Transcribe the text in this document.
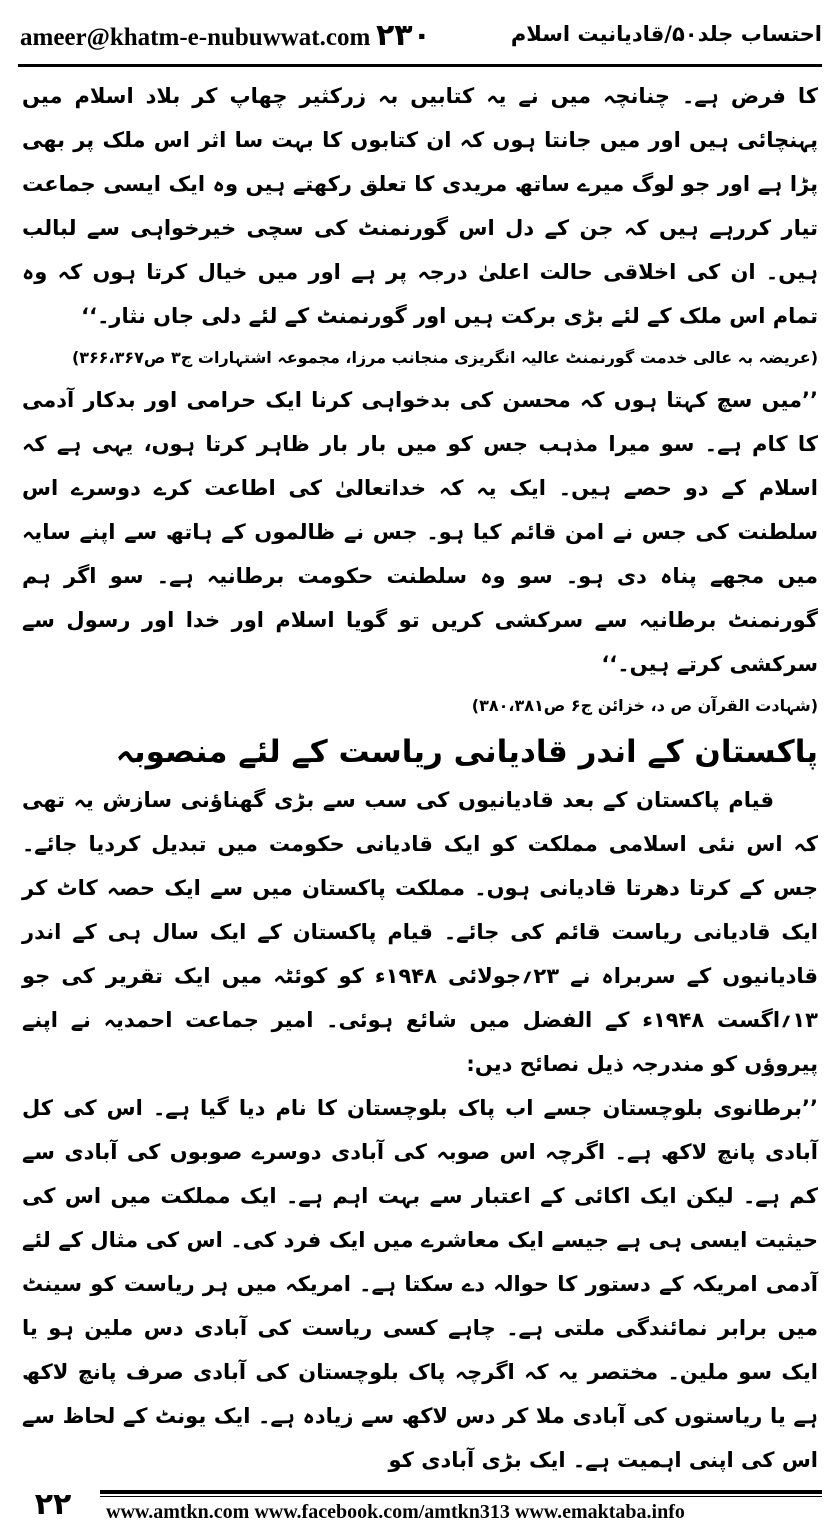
ameer@khatm-e-nubuwwat.com ۲۳۰	احتساب جلد۵۰/قادیانیت اسلام

کا فرض ہے۔ چنانچہ میں نے یہ کتابیں بہ زرکثیر چھاپ کر بلاد اسلام میں پہنچائی ہیں اور میں جانتا ہوں کہ ان کتابوں کا بہت سا اثر اس ملک پر بھی پڑا ہے اور جو لوگ میرے ساتھ مریدی کا تعلق رکھتے ہیں وہ ایک ایسی جماعت تیار کررہے ہیں کہ جن کے دل اس گورنمنٹ کی سچی خیرخواہی سے لبالب ہیں۔ ان کی اخلاقی حالت اعلیٰ درجہ پر ہے اور میں خیال کرتا ہوں کہ وہ تمام اس ملک کے لئے بڑی برکت ہیں اور گورنمنٹ کے لئے دلی جاں نثار۔‘‘

(عریضہ بہ عالی خدمت گورنمنٹ عالیہ انگریزی منجانب مرزا، مجموعہ اشتہارات ج۳ ص۳۶۶،۳۶۷)

’’میں سچ کہتا ہوں کہ محسن کی بدخواہی کرنا ایک حرامی اور بدکار آدمی کا کام ہے۔ سو میرا مذہب جس کو میں بار بار ظاہر کرتا ہوں، یہی ہے کہ اسلام کے دو حصے ہیں۔ ایک یہ کہ خداتعالیٰ کی اطاعت کرے دوسرے اس سلطنت کی جس نے امن قائم کیا ہو۔ جس نے ظالموں کے ہاتھ سے اپنے سایہ میں مجھے پناہ دی ہو۔ سو وہ سلطنت حکومت برطانیہ ہے۔ سو اگر ہم گورنمنٹ برطانیہ سے سرکشی کریں تو گویا اسلام اور خدا اور رسول سے سرکشی کرتے ہیں۔‘‘

(شہادت القرآن ص د، خزائن ج۶ ص۳۸۰،۳۸۱)

پاکستان کے اندر قادیانی ریاست کے لئے منصوبہ

قیام پاکستان کے بعد قادیانیوں کی سب سے بڑی گھناؤنی سازش یہ تھی کہ اس نئی اسلامی مملکت کو ایک قادیانی حکومت میں تبدیل کردیا جائے۔ جس کے کرتا دھرتا قادیانی ہوں۔ مملکت پاکستان میں سے ایک حصہ کاٹ کر ایک قادیانی ریاست قائم کی جائے۔ قیام پاکستان کے ایک سال ہی کے اندر قادیانیوں کے سربراہ نے ۲۳؍جولائی ۱۹۴۸ء کو کوئٹہ میں ایک تقریر کی جو ۱۳؍اگست ۱۹۴۸ء کے الفضل میں شائع ہوئی۔ امیر جماعت احمدیہ نے اپنے پیروؤں کو مندرجہ ذیل نصائح دیں:

’’برطانوی بلوچستان جسے اب پاک بلوچستان کا نام دیا گیا ہے۔ اس کی کل آبادی پانچ لاکھ ہے۔ اگرچہ اس صوبہ کی آبادی دوسرے صوبوں کی آبادی سے کم ہے۔ لیکن ایک اکائی کے اعتبار سے بہت اہم ہے۔ ایک مملکت میں اس کی حیثیت ایسی ہی ہے جیسے ایک معاشرے میں ایک فرد کی۔ اس کی مثال کے لئے آدمی امریکہ کے دستور کا حوالہ دے سکتا ہے۔ امریکہ میں ہر ریاست کو سینٹ میں برابر نمائندگی ملتی ہے۔ چاہے کسی ریاست کی آبادی دس ملین ہو یا ایک سو ملین۔ مختصر یہ کہ اگرچہ پاک بلوچستان کی آبادی صرف پانچ لاکھ ہے یا ریاستوں کی آبادی ملا کر دس لاکھ سے زیادہ ہے۔ ایک یونٹ کے لحاظ سے اس کی اپنی اہمیت ہے۔ ایک بڑی آبادی کو

۲۲	www.amtkn.com www.facebook.com/amtkn313 www.emaktaba.info
